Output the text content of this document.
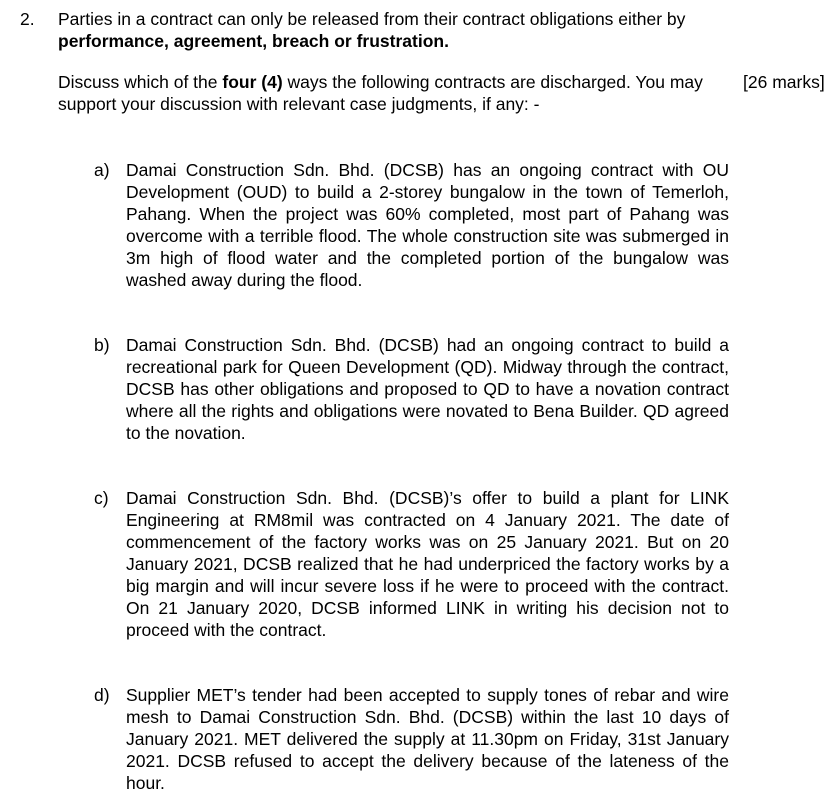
2. Parties in a contract can only be released from their contract obligations either by performance, agreement, breach or frustration.
Discuss which of the four (4) ways the following contracts are discharged. You may support your discussion with relevant case judgments, if any: -
[26 marks]
a) Damai Construction Sdn. Bhd. (DCSB) has an ongoing contract with OU Development (OUD) to build a 2-storey bungalow in the town of Temerloh, Pahang. When the project was 60% completed, most part of Pahang was overcome with a terrible flood. The whole construction site was submerged in 3m high of flood water and the completed portion of the bungalow was washed away during the flood.
b) Damai Construction Sdn. Bhd. (DCSB) had an ongoing contract to build a recreational park for Queen Development (QD). Midway through the contract, DCSB has other obligations and proposed to QD to have a novation contract where all the rights and obligations were novated to Bena Builder. QD agreed to the novation.
c) Damai Construction Sdn. Bhd. (DCSB)’s offer to build a plant for LINK Engineering at RM8mil was contracted on 4 January 2021. The date of commencement of the factory works was on 25 January 2021. But on 20 January 2021, DCSB realized that he had underpriced the factory works by a big margin and will incur severe loss if he were to proceed with the contract. On 21 January 2020, DCSB informed LINK in writing his decision not to proceed with the contract.
d) Supplier MET’s tender had been accepted to supply tones of rebar and wire mesh to Damai Construction Sdn. Bhd. (DCSB) within the last 10 days of January 2021. MET delivered the supply at 11.30pm on Friday, 31st January 2021. DCSB refused to accept the delivery because of the lateness of the hour.
